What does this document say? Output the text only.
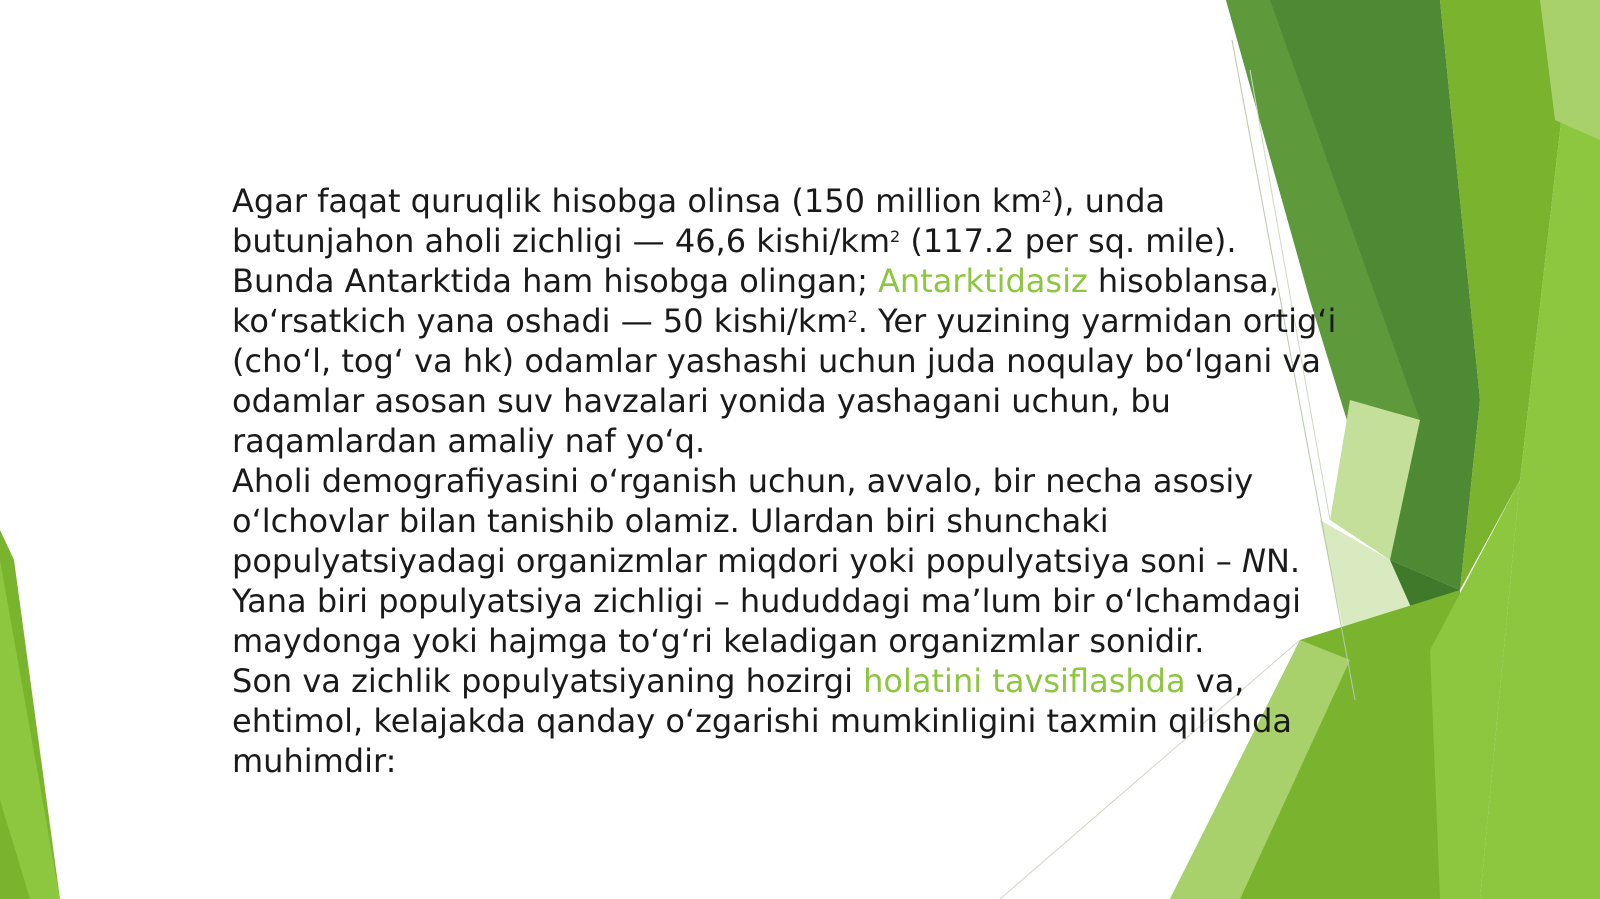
Agar faqat quruqlik hisobga olinsa (150 million $km^2$), unda butunjahon aholi zichligi — 46,6 kishi/$km^2$ (117.2 per sq. mile).

Bunda Antarktida ham hisobga olingan; Antarktidasiz hisoblansa, koʻrsatkich yana oshadi — 50 kishi/$km^2$. Yer yuzining yarmidan ortigʻi (choʻl, togʻ va hk) odamlar yashashi uchun juda noqulay boʻlgani va odamlar asosan suv havzalari yonida yashagani uchun, bu raqamlardan amaliy naf yoʻq.

Aholi demografiyasini oʻrganish uchun, avvalo, bir necha asosiy oʻlchovlar bilan tanishib olamiz. Ulardan biri shunchaki populyatsiyadagi organizmlar miqdori yoki populyatsiya soni – NN.

Yana biri populyatsiya zichligi – hududdagi maʼlum bir oʻlchamdagi maydonga yoki hajmga toʻgʻri keladigan organizmlar sonidir.

Son va zichlik populyatsiyaning hozirgi holatini tavsiflashda va, ehtimol, kelajakda qanday oʻzgarishi mumkinligini taxmin qilishda muhimdir:
